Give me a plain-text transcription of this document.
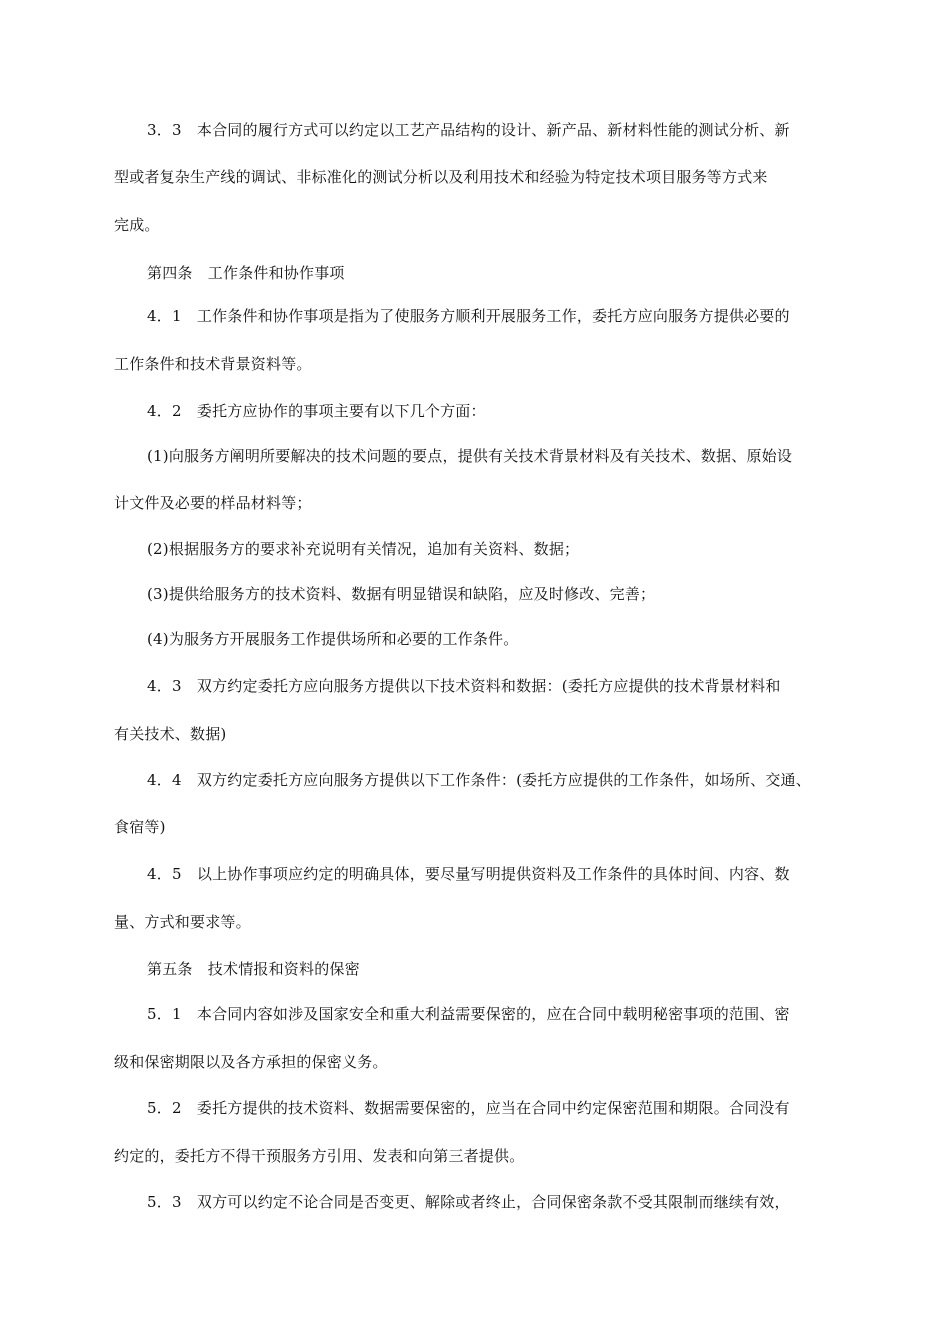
3．3　本合同的履行方式可以约定以工艺产品结构的设计、新产品、新材料性能的测试分析、新
型或者复杂生产线的调试、非标准化的测试分析以及利用技术和经验为特定技术项目服务等方式来
完成。
第四条　工作条件和协作事项
4．1　工作条件和协作事项是指为了使服务方顺利开展服务工作，委托方应向服务方提供必要的
工作条件和技术背景资料等。
4．2　委托方应协作的事项主要有以下几个方面：
(1)向服务方阐明所要解决的技术问题的要点，提供有关技术背景材料及有关技术、数据、原始设
计文件及必要的样品材料等；
(2)根据服务方的要求补充说明有关情况，追加有关资料、数据；
(3)提供给服务方的技术资料、数据有明显错误和缺陷，应及时修改、完善；
(4)为服务方开展服务工作提供场所和必要的工作条件。
4．3　双方约定委托方应向服务方提供以下技术资料和数据：(委托方应提供的技术背景材料和
有关技术、数据)
4．4　双方约定委托方应向服务方提供以下工作条件：(委托方应提供的工作条件，如场所、交通、
食宿等)
4．5　以上协作事项应约定的明确具体，要尽量写明提供资料及工作条件的具体时间、内容、数
量、方式和要求等。
第五条　技术情报和资料的保密
5．1　本合同内容如涉及国家安全和重大利益需要保密的，应在合同中载明秘密事项的范围、密
级和保密期限以及各方承担的保密义务。
5．2　委托方提供的技术资料、数据需要保密的，应当在合同中约定保密范围和期限。合同没有
约定的，委托方不得干预服务方引用、发表和向第三者提供。
5．3　双方可以约定不论合同是否变更、解除或者终止，合同保密条款不受其限制而继续有效，
